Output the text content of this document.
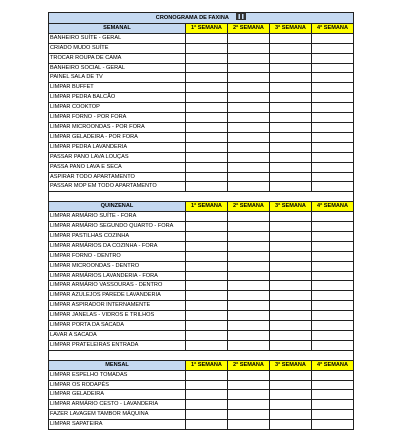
CRONOGRAMA DE FAXINA				
SEMANAL	1ª SEMANA	2ª SEMANA	3ª SEMANA	4ª SEMANA
BANHEIRO SUÍTE - GERAL				
CRIADO MUDO SUÍTE				
TROCAR ROUPA DE CAMA				
BANHEIRO SOCIAL - GERAL				
PAINEL SALA DE TV				
LIMPAR BUFFET				
LIMPAR PEDRA BALCÃO				
LIMPAR COOKTOP				
LIMPAR FORNO - POR FORA				
LIMPAR MICROONDAS - POR FORA				
LIMPAR GELADEIRA - POR FORA				
LIMPAR PEDRA LAVANDERIA				
PASSAR PANO LAVA LOUÇAS				
PASSA PANO LAVA E SECA				
ASPIRAR TODO APARTAMENTO				
PASSAR MOP EM TODO APARTAMENTO				

QUINZENAL	1ª SEMANA	2ª SEMANA	3ª SEMANA	4ª SEMANA
LIMPAR ARMÁRIO SUÍTE - FORA				
LIMPAR ARMÁRIO SEGUNDO QUARTO - FORA				
LIMPAR PASTILHAS COZINHA				
LIMPAR ARMÁRIOS DA COZINHA - FORA				
LIMPAR FORNO - DENTRO				
LIMPAR MICROONDAS - DENTRO				
LIMPAR ARMÁRIOS LAVANDERIA - FORA				
LIMPAR ARMÁRIO VASSOURAS - DENTRO				
LIMPAR AZULEJOS PAREDE LAVANDERIA				
LIMPAR ASPIRADOR INTERNAMENTE				
LIMPAR JANELAS - VIDROS E TRILHOS				
LIMPAR PORTA DA SACADA				
LAVAR A SACADA				
LIMPAR PRATELEIRAS ENTRADA				

MENSAL	1ª SEMANA	2ª SEMANA	3ª SEMANA	4ª SEMANA
LIMPAR ESPELHO TOMADAS				
LIMPAR OS RODAPÉS				
LIMPAR GELADEIRA				
LIMPAR ARMÁRIO CESTO - LAVANDERIA				
FAZER LAVAGEM TAMBOR MÁQUINA				
LIMPAR SAPATEIRA				
